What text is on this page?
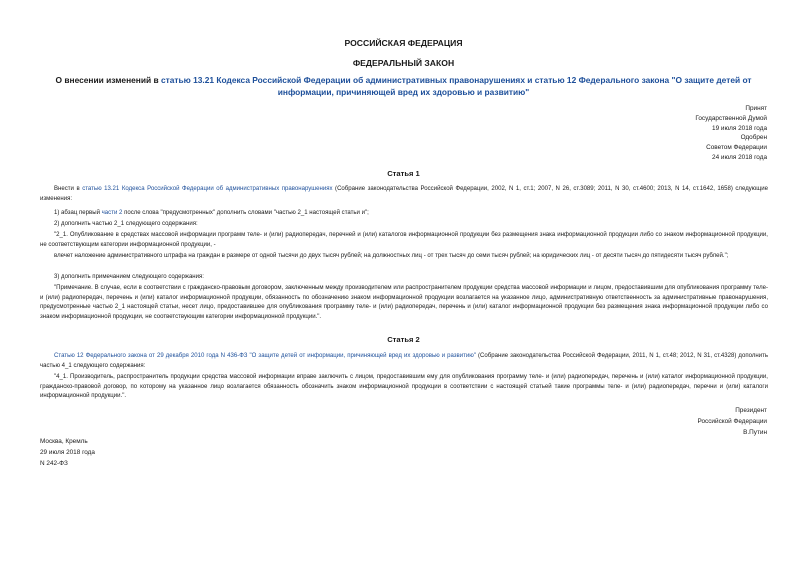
РОССИЙСКАЯ ФЕДЕРАЦИЯ
ФЕДЕРАЛЬНЫЙ ЗАКОН
О внесении изменений в статью 13.21 Кодекса Российской Федерации об административных правонарушениях и статью 12 Федерального закона "О защите детей от информации, причиняющей вред их здоровью и развитию"
Принят
Государственной Думой
19 июля 2018 года
Одобрен
Советом Федерации
24 июля 2018 года
Статья 1
Внести в статью 13.21 Кодекса Российской Федерации об административных правонарушениях (Собрание законодательства Российской Федерации, 2002, N 1, ст.1; 2007, N 26, ст.3089; 2011, N 30, ст.4600; 2013, N 14, ст.1642, 1658) следующие изменения:
1) абзац первый части 2 после слова "предусмотренных" дополнить словами "частью 2_1 настоящей статьи и";
2) дополнить частью 2_1 следующего содержания:
"2_1. Опубликование в средствах массовой информации программ теле- и (или) радиопередач, перечней и (или) каталогов информационной продукции без размещения знака информационной продукции либо со знаком информационной продукции, не соответствующим категории информационной продукции, -
влечет наложение административного штрафа на граждан в размере от одной тысячи до двух тысяч рублей; на должностных лиц - от трех тысяч до семи тысяч рублей; на юридических лиц - от десяти тысяч до пятидесяти тысяч рублей.";
3) дополнить примечанием следующего содержания:
"Примечание. В случае, если в соответствии с гражданско-правовым договором, заключенным между производителем или распространителем продукции средства массовой информации и лицом, предоставившим для опубликования программу теле- и (или) радиопередач, перечень и (или) каталог информационной продукции, обязанность по обозначению знаком информационной продукции возлагается на указанное лицо, административную ответственность за административные правонарушения, предусмотренные частью 2_1 настоящей статьи, несет лицо, предоставившее для опубликования программу теле- и (или) радиопередач, перечень и (или) каталог информационной продукции без размещения знака информационной продукции либо со знаком информационной продукции, не соответствующим категории информационной продукции.".
Статья 2
Статью 12 Федерального закона от 29 декабря 2010 года N 436-ФЗ "О защите детей от информации, причиняющей вред их здоровью и развитию" (Собрание законодательства Российской Федерации, 2011, N 1, ст.48; 2012, N 31, ст.4328) дополнить частью 4_1 следующего содержания:
"4_1. Производитель, распространитель продукции средства массовой информации вправе заключить с лицом, предоставившим ему для опубликования программу теле- и (или) радиопередач, перечень и (или) каталог информационной продукции, гражданско-правовой договор, по которому на указанное лицо возлагается обязанность обозначить знаком информационной продукции в соответствии с настоящей статьей такие программы теле- и (или) радиопередач, перечни и (или) каталоги информационной продукции.".
Президент
Российской Федерации
В.Путин
Москва, Кремль
29 июля 2018 года
N 242-ФЗ
